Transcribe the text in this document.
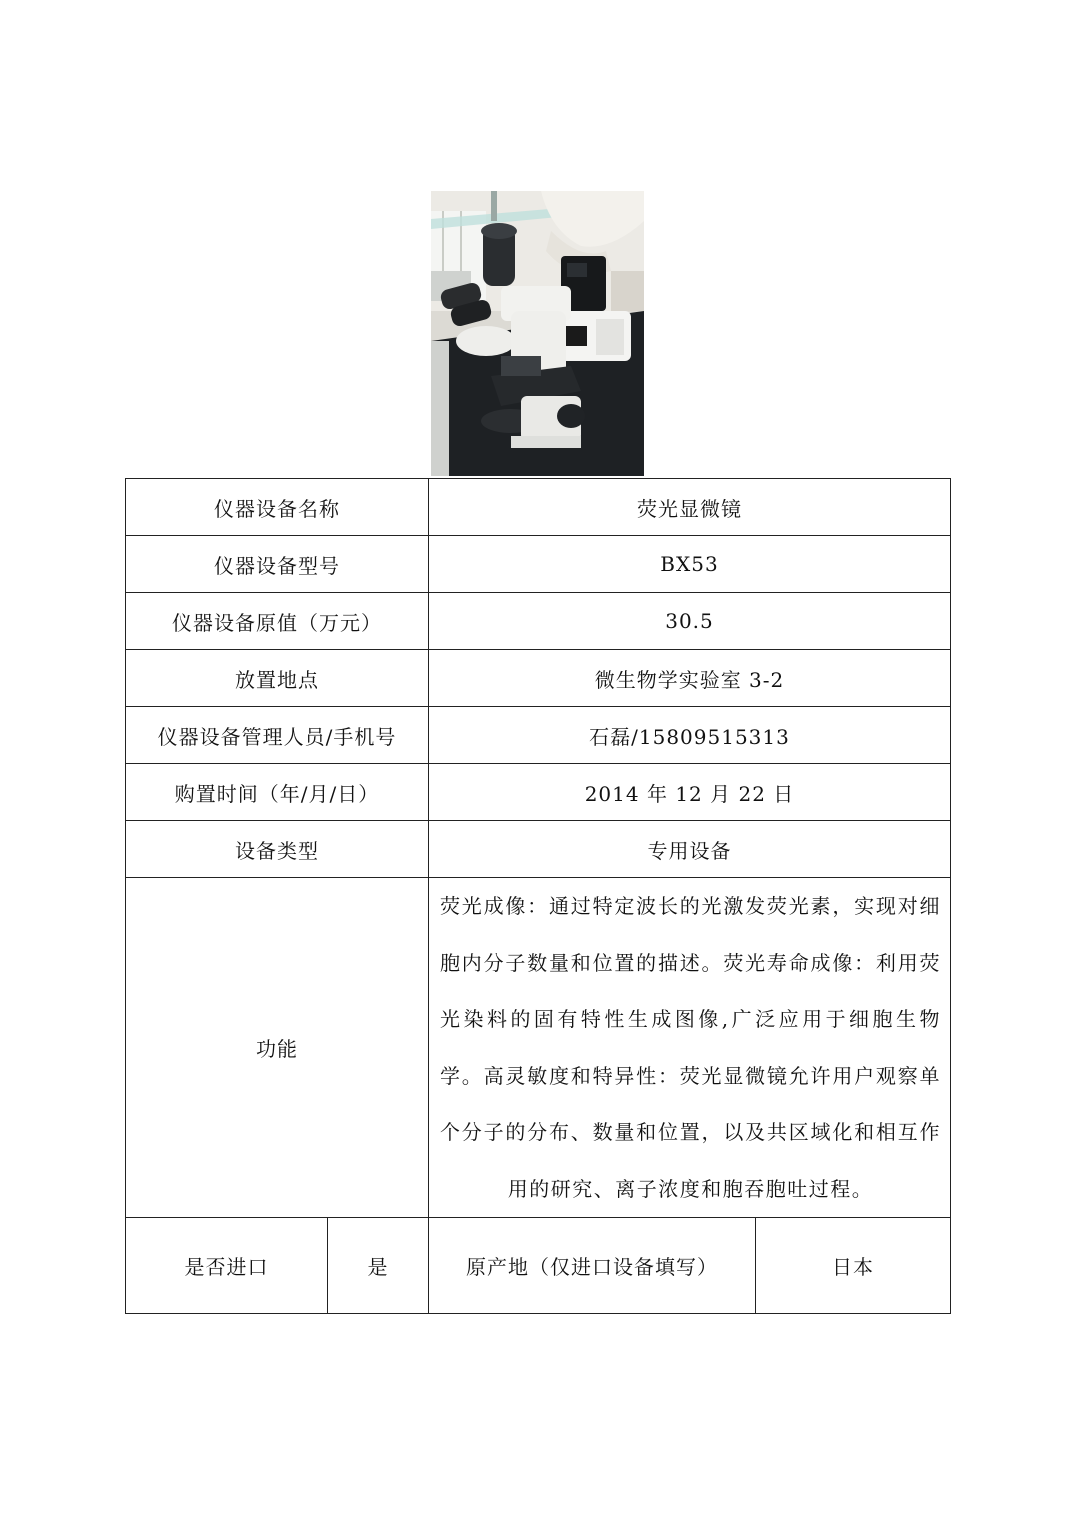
仪器设备名称		荧光显微镜	
仪器设备型号		BX53	
仪器设备原值（万元）		30.5	
放置地点		微生物学实验室 3-2	
仪器设备管理人员/手机号		石磊/15809515313	
购置时间（年/月/日）		2014 年 12 月 22 日	
设备类型		专用设备	
功能		荧光成像：通过特定波长的光激发荧光素，实现对细胞内分子数量和位置的描述。荧光寿命成像：利用荧光染料的固有特性生成图像,广泛应用于细胞生物学。高灵敏度和特异性：荧光显微镜允许用户观察单个分子的分布、数量和位置，以及共区域化和相互作用的研究、离子浓度和胞吞胞吐过程。	

是否进口	是	原产地（仅进口设备填写）	日本
